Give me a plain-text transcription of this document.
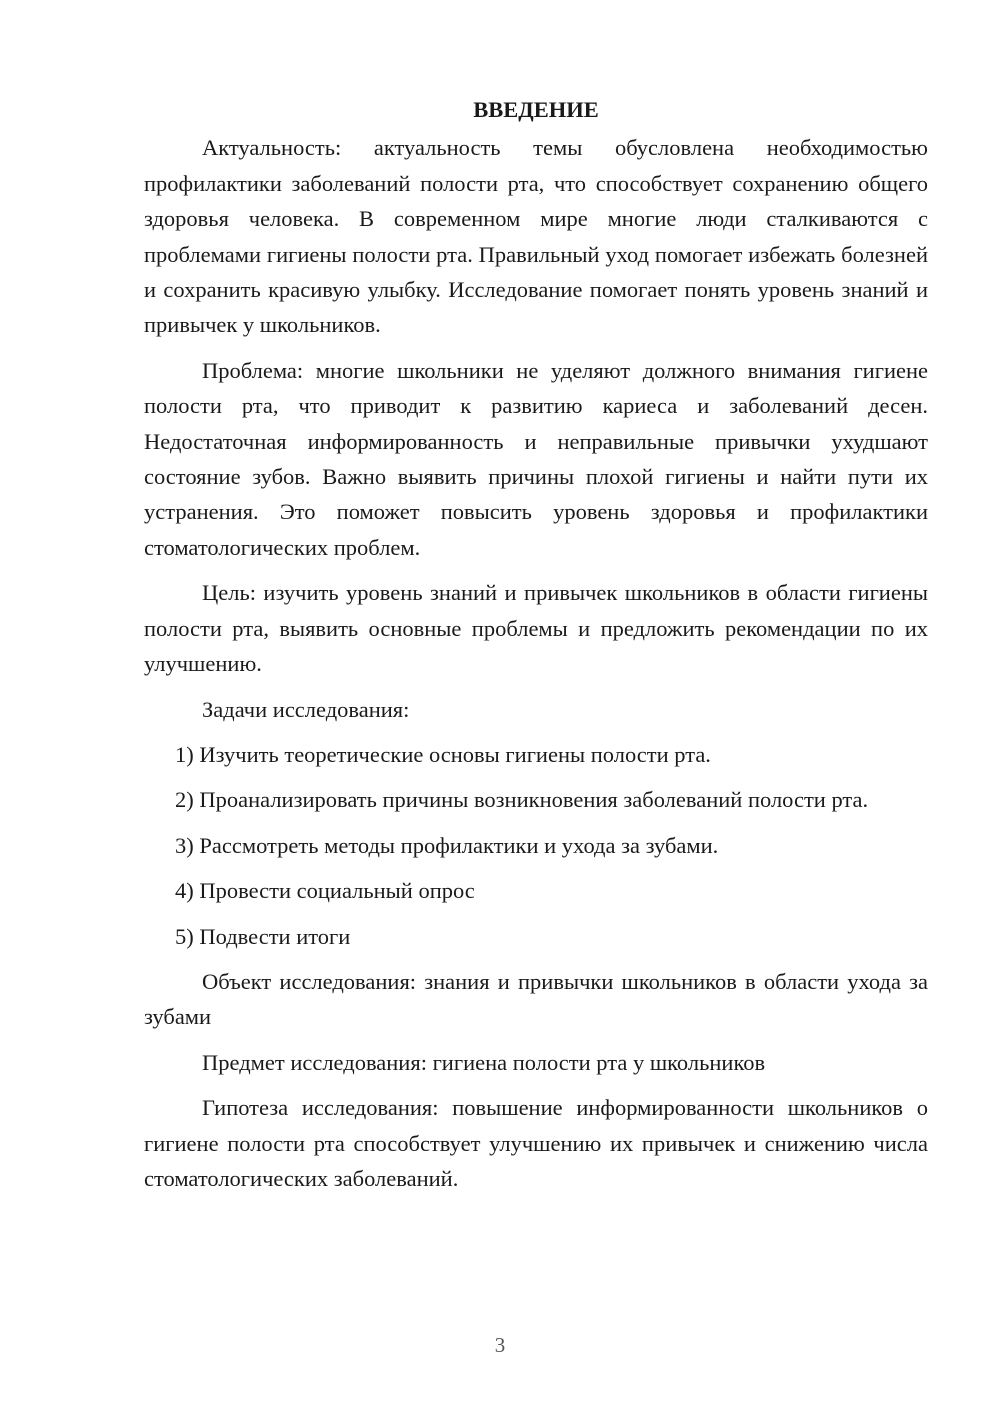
ВВЕДЕНИЕ

Актуальность: актуальность темы обусловлена необходимостью профилактики заболеваний полости рта, что способствует сохранению общего здоровья человека. В современном мире многие люди сталкиваются с проблемами гигиены полости рта. Правильный уход помогает избежать болезней и сохранить красивую улыбку. Исследование помогает понять уровень знаний и привычек у школьников.

Проблема: многие школьники не уделяют должного внимания гигиене полости рта, что приводит к развитию кариеса и заболеваний десен. Недостаточная информированность и неправильные привычки ухудшают состояние зубов. Важно выявить причины плохой гигиены и найти пути их устранения. Это поможет повысить уровень здоровья и профилактики стоматологических проблем.

Цель: изучить уровень знаний и привычек школьников в области гигиены полости рта, выявить основные проблемы и предложить рекомендации по их улучшению.

Задачи исследования:

1) Изучить теоретические основы гигиены полости рта.

2) Проанализировать причины возникновения заболеваний полости рта.

3) Рассмотреть методы профилактики и ухода за зубами.

4) Провести социальный опрос

5) Подвести итоги

Объект исследования: знания и привычки школьников в области ухода за зубами

Предмет исследования: гигиена полости рта у школьников

Гипотеза исследования: повышение информированности школьников о гигиене полости рта способствует улучшению их привычек и снижению числа стоматологических заболеваний.

3
